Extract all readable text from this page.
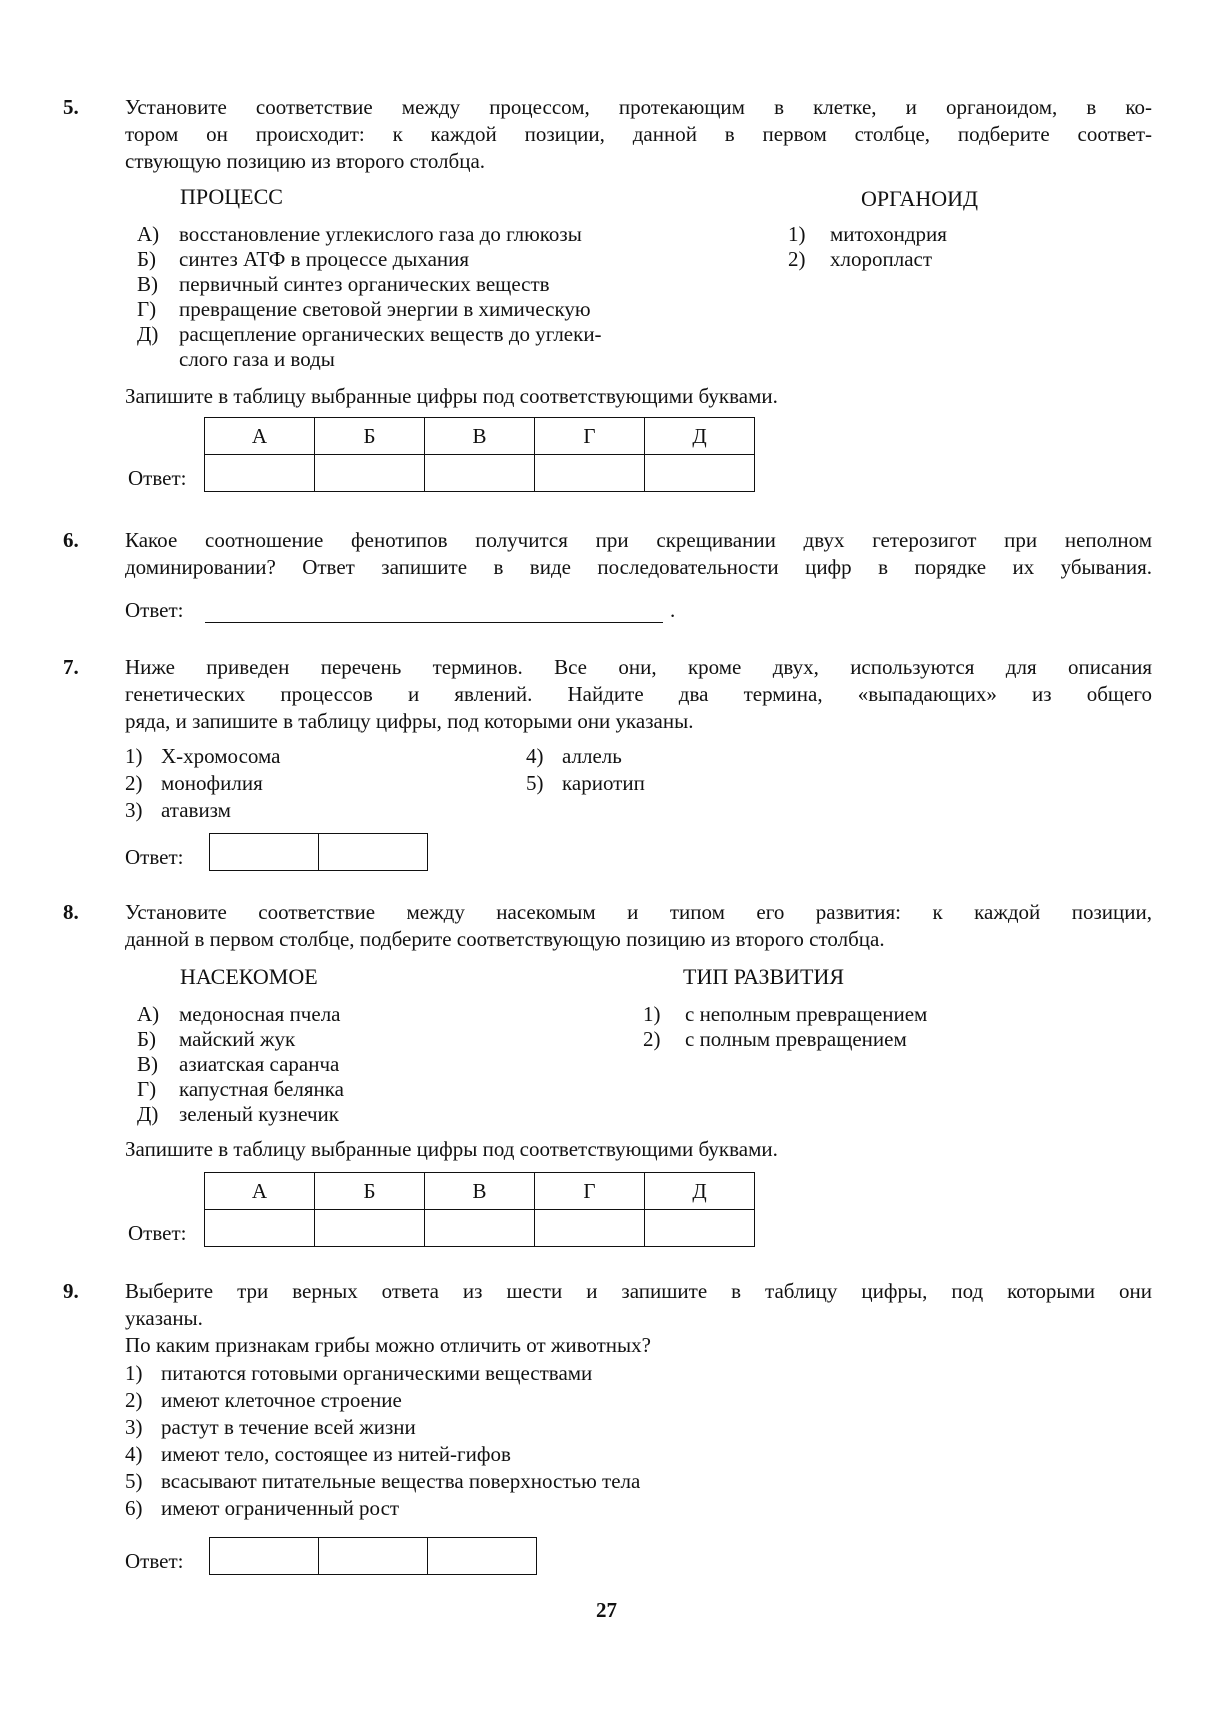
5. Установите соответствие между процессом, протекающим в клетке, и органоидом, в ко-
тором он происходит: к каждой позиции, данной в первом столбце, подберите соответ-
ствующую позицию из второго столбца.
ПРОЦЕСС	ОРГАНОИД
А) восстановление углекислого газа до глюкозы
Б) синтез АТФ в процессе дыхания
В) первичный синтез органических веществ
Г) превращение световой энергии в химическую
Д) расщепление органических веществ до углеки-
слого газа и воды
1) митохондрия
2) хлоропласт
Запишите в таблицу выбранные цифры под соответствующими буквами.
А	Б	В	Г	Д

Ответ:
6. Какое соотношение фенотипов получится при скрещивании двух гетерозигот при неполном
доминировании? Ответ запишите в виде последовательности цифр в порядке их убывания.
Ответ:	.
7. Ниже приведен перечень терминов. Все они, кроме двух, используются для описания
генетических процессов и явлений. Найдите два термина, «выпадающих» из общего
ряда, и запишите в таблицу цифры, под которыми они указаны.
1) Х-хромосома
2) монофилия
3) атавизм
4) аллель
5) кариотип
Ответ:
8. Установите соответствие между насекомым и типом его развития: к каждой позиции,
данной в первом столбце, подберите соответствующую позицию из второго столбца.
НАСЕКОМОЕ	ТИП РАЗВИТИЯ
А) медоносная пчела
Б) майский жук
В) азиатская саранча
Г) капустная белянка
Д) зеленый кузнечик
1) с неполным превращением
2) с полным превращением
Запишите в таблицу выбранные цифры под соответствующими буквами.
А	Б	В	Г	Д

Ответ:
9. Выберите три верных ответа из шести и запишите в таблицу цифры, под которыми они
указаны.
По каким признакам грибы можно отличить от животных?
1) питаются готовыми органическими веществами
2) имеют клеточное строение
3) растут в течение всей жизни
4) имеют тело, состоящее из нитей-гифов
5) всасывают питательные вещества поверхностью тела
6) имеют ограниченный рост
Ответ:
27
